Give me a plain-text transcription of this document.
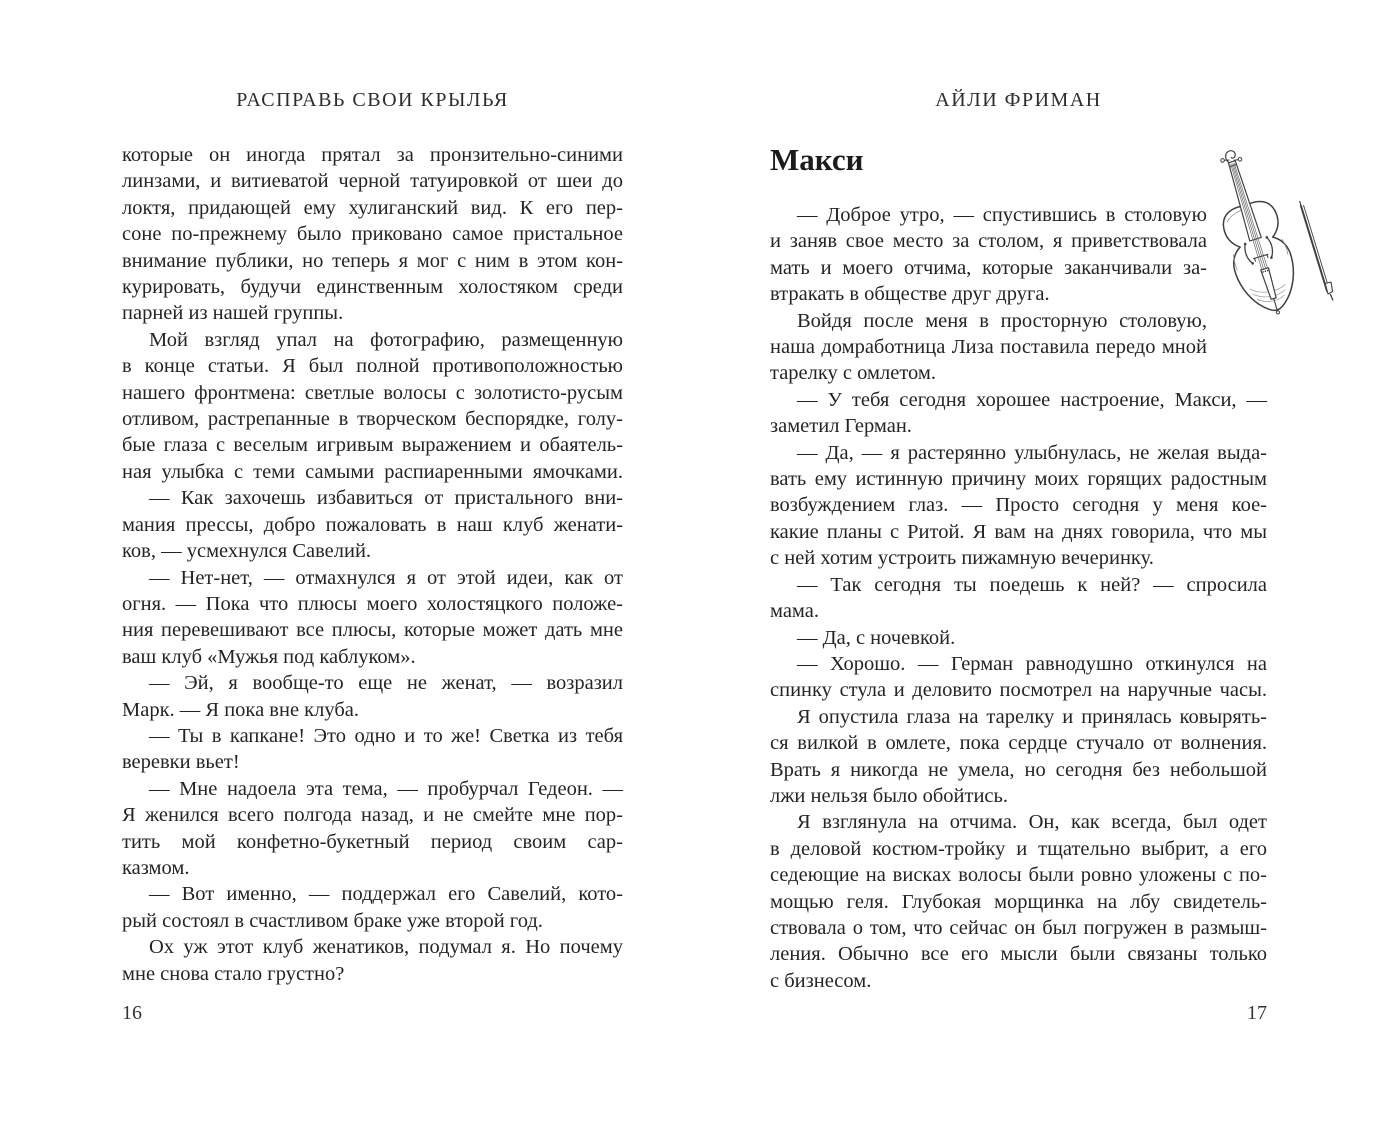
РАСПРАВЬ СВОИ КРЫЛЬЯ
которые он иногда прятал за пронзительно-синими
линзами, и витиеватой черной татуировкой от шеи до
локтя, придающей ему хулиганский вид. К его пер-
соне по-прежнему было приковано самое пристальное
внимание публики, но теперь я мог с ним в этом кон-
курировать, будучи единственным холостяком среди
парней из нашей группы.
Мой взгляд упал на фотографию, размещенную
в конце статьи. Я был полной противоположностью
нашего фронтмена: светлые волосы с золотисто-русым
отливом, растрепанные в творческом беспорядке, голу-
бые глаза с веселым игривым выражением и обаятель-
ная улыбка с теми самыми распиаренными ямочками.
— Как захочешь избавиться от пристального вни-
мания прессы, добро пожаловать в наш клуб женати-
ков, — усмехнулся Савелий.
— Нет-нет, — отмахнулся я от этой идеи, как от
огня. — Пока что плюсы моего холостяцкого положе-
ния перевешивают все плюсы, которые может дать мне
ваш клуб «Мужья под каблуком».
— Эй, я вообще-то еще не женат, — возразил
Марк. — Я пока вне клуба.
— Ты в капкане! Это одно и то же! Светка из тебя
веревки вьет!
— Мне надоела эта тема, — пробурчал Гедеон. —
Я женился всего полгода назад, и не смейте мне пор-
тить мой конфетно-букетный период своим сар-
казмом.
— Вот именно, — поддержал его Савелий, кото-
рый состоял в счастливом браке уже второй год.
Ох уж этот клуб женатиков, подумал я. Но почему
мне снова стало грустно?
16
АЙЛИ ФРИМАН
Макси
— Доброе утро, — спустившись в столовую
и заняв свое место за столом, я приветствовала
мать и моего отчима, которые заканчивали за-
втракать в обществе друг друга.
Войдя после меня в просторную столовую,
наша домработница Лиза поставила передо мной
тарелку с омлетом.
— У тебя сегодня хорошее настроение, Макси, —
заметил Герман.
— Да, — я растерянно улыбнулась, не желая выда-
вать ему истинную причину моих горящих радостным
возбуждением глаз. — Просто сегодня у меня кое-
какие планы с Ритой. Я вам на днях говорила, что мы
с ней хотим устроить пижамную вечеринку.
— Так сегодня ты поедешь к ней? — спросила
мама.
— Да, с ночевкой.
— Хорошо. — Герман равнодушно откинулся на
спинку стула и деловито посмотрел на наручные часы.
Я опустила глаза на тарелку и принялась ковырять-
ся вилкой в омлете, пока сердце стучало от волнения.
Врать я никогда не умела, но сегодня без небольшой
лжи нельзя было обойтись.
Я взглянула на отчима. Он, как всегда, был одет
в деловой костюм-тройку и тщательно выбрит, а его
седеющие на висках волосы были ровно уложены с по-
мощью геля. Глубокая морщинка на лбу свидетель-
ствовала о том, что сейчас он был погружен в размыш-
ления. Обычно все его мысли были связаны только
с бизнесом.
17
